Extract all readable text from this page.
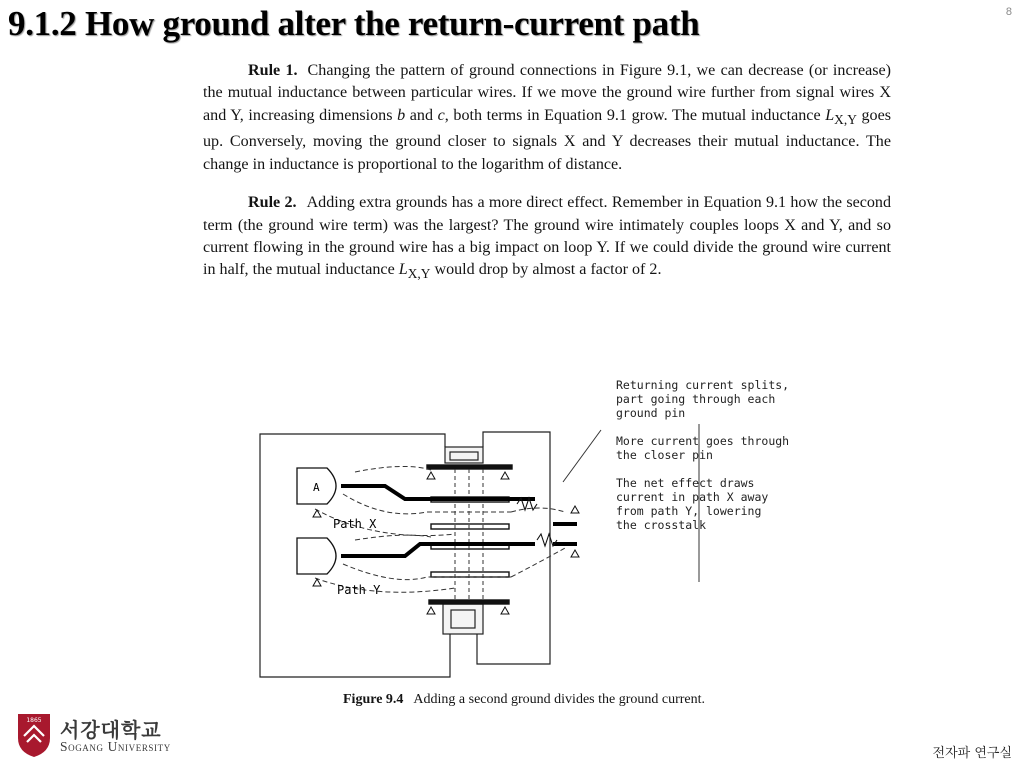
9.1.2 How ground alter the return-current path	8

Rule 1. Changing the pattern of ground connections in Figure 9.1, we can decrease (or increase) the mutual inductance between particular wires. If we move the ground wire further from signal wires X and Y, increasing dimensions b and c, both terms in Equation 9.1 grow. The mutual inductance $L_{X,Y}$ goes up. Conversely, moving the ground closer to signals X and Y decreases their mutual inductance. The change in inductance is proportional to the logarithm of distance.

Rule 2. Adding extra grounds has a more direct effect. Remember in Equation 9.1 how the second term (the ground wire term) was the largest? The ground wire intimately couples loops X and Y, and so current flowing in the ground wire has a big impact on loop Y. If we could divide the ground wire current in half, the mutual inductance $L_{X,Y}$ would drop by almost a factor of 2.

A
Path X
Path Y
Returning current splits,
part going through each
ground pin
More current goes through
the closer pin
The net effect draws
current in path X away
from path Y, lowering
the crosstalk
Figure 9.4 Adding a second ground divides the ground current.
1865 서강대학교
Sogang University	전자파 연구실
